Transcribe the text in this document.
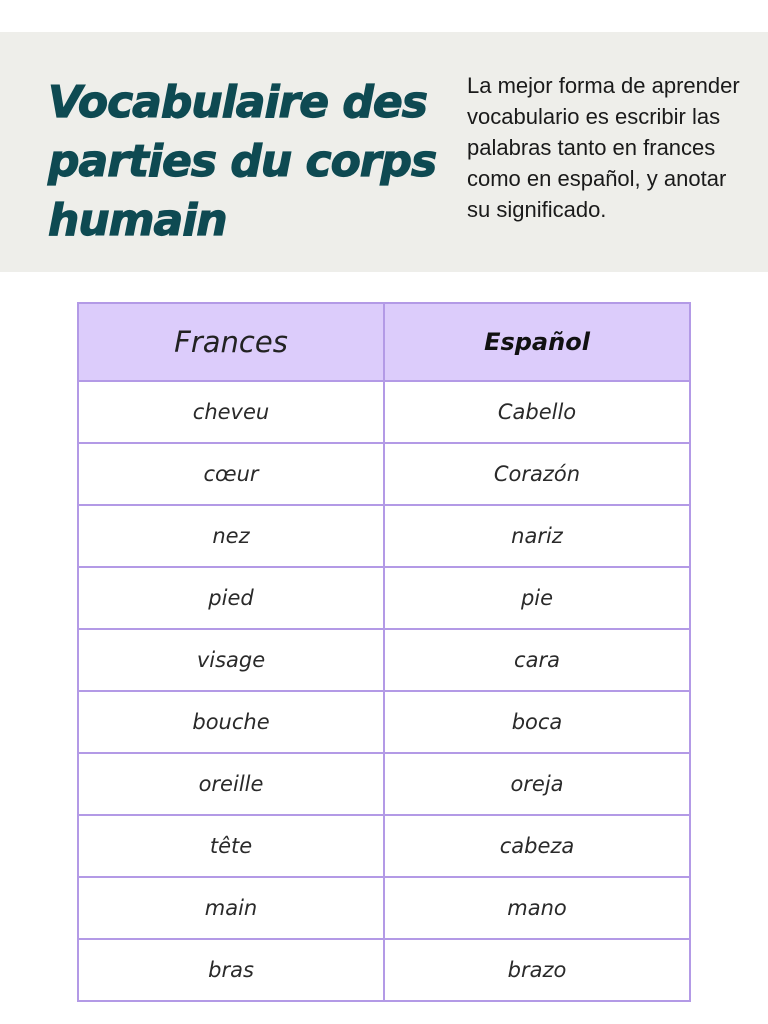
Vocabulaire des parties du corps humain

La mejor forma de aprender vocabulario es escribir las palabras tanto en frances como en español, y anotar su significado.

Frances	Español
cheveu	Cabello
cœur	Corazón
nez	nariz
pied	pie
visage	cara
bouche	boca
oreille	oreja
tête	cabeza
main	mano
bras	brazo
